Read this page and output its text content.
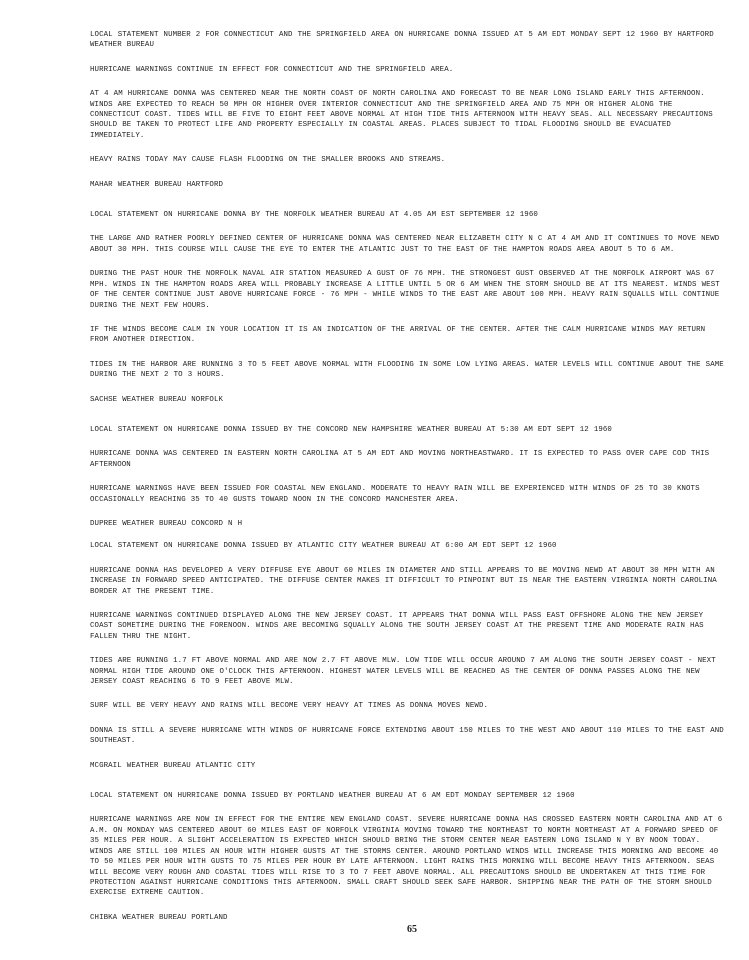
LOCAL STATEMENT NUMBER 2 FOR CONNECTICUT AND THE SPRINGFIELD AREA ON HURRICANE DONNA ISSUED AT 5 AM EDT MONDAY SEPT 12 1960 BY HARTFORD WEATHER BUREAU

HURRICANE WARNINGS CONTINUE IN EFFECT FOR CONNECTICUT AND THE SPRINGFIELD AREA.

AT 4 AM HURRICANE DONNA WAS CENTERED NEAR THE NORTH COAST OF NORTH CAROLINA AND FORECAST TO BE NEAR LONG ISLAND EARLY THIS AFTERNOON. WINDS ARE EXPECTED TO REACH 50 MPH OR HIGHER OVER INTERIOR CONNECTICUT AND THE SPRINGFIELD AREA AND 75 MPH OR HIGHER ALONG THE CONNECTICUT COAST. TIDES WILL BE FIVE TO EIGHT FEET ABOVE NORMAL AT HIGH TIDE THIS AFTERNOON WITH HEAVY SEAS. ALL NECESSARY PRECAUTIONS SHOULD BE TAKEN TO PROTECT LIFE AND PROPERTY ESPECIALLY IN COASTAL AREAS. PLACES SUBJECT TO TIDAL FLOODING SHOULD BE EVACUATED IMMEDIATELY.

HEAVY RAINS TODAY MAY CAUSE FLASH FLOODING ON THE SMALLER BROOKS AND STREAMS.

MAHAR WEATHER BUREAU HARTFORD

LOCAL STATEMENT ON HURRICANE DONNA BY THE NORFOLK WEATHER BUREAU AT 4.05 AM EST SEPTEMBER 12 1960

THE LARGE AND RATHER POORLY DEFINED CENTER OF HURRICANE DONNA WAS CENTERED NEAR ELIZABETH CITY N C AT 4 AM AND IT CONTINUES TO MOVE NEWD ABOUT 30 MPH. THIS COURSE WILL CAUSE THE EYE TO ENTER THE ATLANTIC JUST TO THE EAST OF THE HAMPTON ROADS AREA ABOUT 5 TO 6 AM.

DURING THE PAST HOUR THE NORFOLK NAVAL AIR STATION MEASURED A GUST OF 76 MPH. THE STRONGEST GUST OBSERVED AT THE NORFOLK AIRPORT WAS 67 MPH. WINDS IN THE HAMPTON ROADS AREA WILL PROBABLY INCREASE A LITTLE UNTIL 5 OR 6 AM WHEN THE STORM SHOULD BE AT ITS NEAREST. WINDS WEST OF THE CENTER CONTINUE JUST ABOVE HURRICANE FORCE - 76 MPH - WHILE WINDS TO THE EAST ARE ABOUT 100 MPH. HEAVY RAIN SQUALLS WILL CONTINUE DURING THE NEXT FEW HOURS.

IF THE WINDS BECOME CALM IN YOUR LOCATION IT IS AN INDICATION OF THE ARRIVAL OF THE CENTER. AFTER THE CALM HURRICANE WINDS MAY RETURN FROM ANOTHER DIRECTION.

TIDES IN THE HARBOR ARE RUNNING 3 TO 5 FEET ABOVE NORMAL WITH FLOODING IN SOME LOW LYING AREAS. WATER LEVELS WILL CONTINUE ABOUT THE SAME DURING THE NEXT 2 TO 3 HOURS.

SACHSE WEATHER BUREAU NORFOLK

LOCAL STATEMENT ON HURRICANE DONNA ISSUED BY THE CONCORD NEW HAMPSHIRE WEATHER BUREAU AT 5:30 AM EDT SEPT 12 1960

HURRICANE DONNA WAS CENTERED IN EASTERN NORTH CAROLINA AT 5 AM EDT AND MOVING NORTHEASTWARD. IT IS EXPECTED TO PASS OVER CAPE COD THIS AFTERNOON

HURRICANE WARNINGS HAVE BEEN ISSUED FOR COASTAL NEW ENGLAND. MODERATE TO HEAVY RAIN WILL BE EXPERIENCED WITH WINDS OF 25 TO 30 KNOTS OCCASIONALLY REACHING 35 TO 40 GUSTS TOWARD NOON IN THE CONCORD MANCHESTER AREA.

DUPREE WEATHER BUREAU CONCORD N H

LOCAL STATEMENT ON HURRICANE DONNA ISSUED BY ATLANTIC CITY WEATHER BUREAU AT 6:00 AM EDT SEPT 12 1960

HURRICANE DONNA HAS DEVELOPED A VERY DIFFUSE EYE ABOUT 60 MILES IN DIAMETER AND STILL APPEARS TO BE MOVING NEWD AT ABOUT 30 MPH WITH AN INCREASE IN FORWARD SPEED ANTICIPATED. THE DIFFUSE CENTER MAKES IT DIFFICULT TO PINPOINT BUT IS NEAR THE EASTERN VIRGINIA NORTH CAROLINA BORDER AT THE PRESENT TIME.

HURRICANE WARNINGS CONTINUED DISPLAYED ALONG THE NEW JERSEY COAST. IT APPEARS THAT DONNA WILL PASS EAST OFFSHORE ALONG THE NEW JERSEY COAST SOMETIME DURING THE FORENOON. WINDS ARE BECOMING SQUALLY ALONG THE SOUTH JERSEY COAST AT THE PRESENT TIME AND MODERATE RAIN HAS FALLEN THRU THE NIGHT.

TIDES ARE RUNNING 1.7 FT ABOVE NORMAL AND ARE NOW 2.7 FT ABOVE MLW. LOW TIDE WILL OCCUR AROUND 7 AM ALONG THE SOUTH JERSEY COAST - NEXT NORMAL HIGH TIDE AROUND ONE O'CLOCK THIS AFTERNOON. HIGHEST WATER LEVELS WILL BE REACHED AS THE CENTER OF DONNA PASSES ALONG THE NEW JERSEY COAST REACHING 6 TO 9 FEET ABOVE MLW.

SURF WILL BE VERY HEAVY AND RAINS WILL BECOME VERY HEAVY AT TIMES AS DONNA MOVES NEWD.

DONNA IS STILL A SEVERE HURRICANE WITH WINDS OF HURRICANE FORCE EXTENDING ABOUT 150 MILES TO THE WEST AND ABOUT 110 MILES TO THE EAST AND SOUTHEAST.

MCGRAIL WEATHER BUREAU ATLANTIC CITY

LOCAL STATEMENT ON HURRICANE DONNA ISSUED BY PORTLAND WEATHER BUREAU AT 6 AM EDT MONDAY SEPTEMBER 12 1960

HURRICANE WARNINGS ARE NOW IN EFFECT FOR THE ENTIRE NEW ENGLAND COAST. SEVERE HURRICANE DONNA HAS CROSSED EASTERN NORTH CAROLINA AND AT 6 A.M. ON MONDAY WAS CENTERED ABOUT 60 MILES EAST OF NORFOLK VIRGINIA MOVING TOWARD THE NORTHEAST TO NORTH NORTHEAST AT A FORWARD SPEED OF 35 MILES PER HOUR. A SLIGHT ACCELERATION IS EXPECTED WHICH SHOULD BRING THE STORM CENTER NEAR EASTERN LONG ISLAND N Y BY NOON TODAY. WINDS ARE STILL 100 MILES AN HOUR WITH HIGHER GUSTS AT THE STORMS CENTER. AROUND PORTLAND WINDS WILL INCREASE THIS MORNING AND BECOME 40 TO 50 MILES PER HOUR WITH GUSTS TO 75 MILES PER HOUR BY LATE AFTERNOON. LIGHT RAINS THIS MORNING WILL BECOME HEAVY THIS AFTERNOON. SEAS WILL BECOME VERY ROUGH AND COASTAL TIDES WILL RISE TO 3 TO 7 FEET ABOVE NORMAL. ALL PRECAUTIONS SHOULD BE UNDERTAKEN AT THIS TIME FOR PROTECTION AGAINST HURRICANE CONDITIONS THIS AFTERNOON. SMALL CRAFT SHOULD SEEK SAFE HARBOR. SHIPPING NEAR THE PATH OF THE STORM SHOULD EXERCISE EXTREME CAUTION.

CHIBKA WEATHER BUREAU PORTLAND

65
